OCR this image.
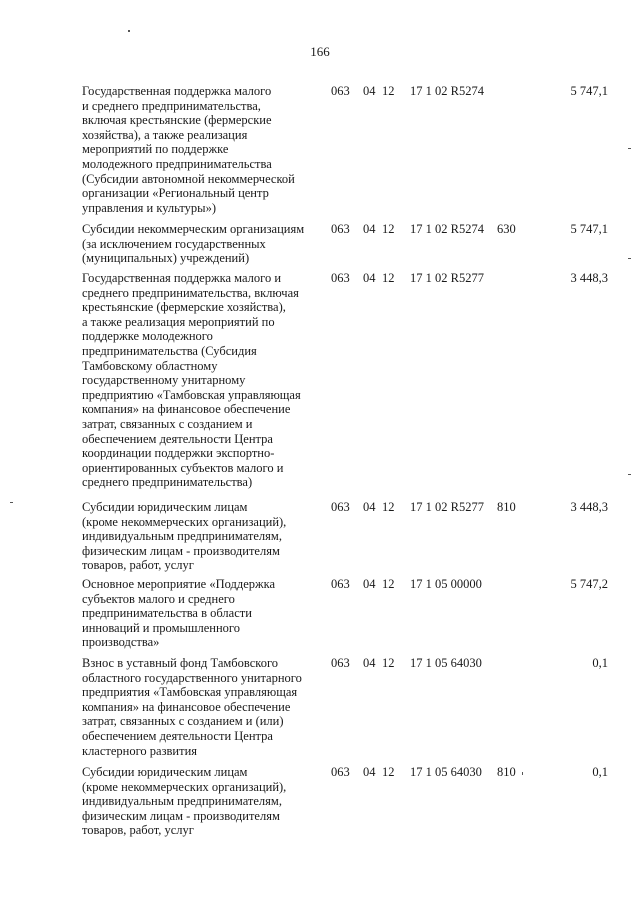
166
Государственная поддержка малого
и среднего предпринимательства,
включая крестьянские (фермерские
хозяйства), а также реализация
мероприятий по поддержке
молодежного предпринимательства
(Субсидии автономной некоммерческой
организации «Региональный центр
управления и культуры»)
063 04 12 17 1 02 R5274	5 747,1
Субсидии некоммерческим организациям
(за исключением государственных
(муниципальных) учреждений)
063 04 12 17 1 02 R5274 630	5 747,1
Государственная поддержка малого и
среднего предпринимательства, включая
крестьянские (фермерские хозяйства),
а также реализация мероприятий по
поддержке молодежного
предпринимательства (Субсидия
Тамбовскому областному
государственному унитарному
предприятию «Тамбовская управляющая
компания» на финансовое обеспечение
затрат, связанных с созданием и
обеспечением деятельности Центра
координации поддержки экспортно-
ориентированных субъектов малого и
среднего предпринимательства)
063 04 12 17 1 02 R5277	3 448,3
Субсидии юридическим лицам
(кроме некоммерческих организаций),
индивидуальным предпринимателям,
физическим лицам - производителям
товаров, работ, услуг
063 04 12 17 1 02 R5277 810	3 448,3
Основное мероприятие «Поддержка
субъектов малого и среднего
предпринимательства в области
инноваций и промышленного
производства»
063 04 12 17 1 05 00000	5 747,2
Взнос в уставный фонд Тамбовского
областного государственного унитарного
предприятия «Тамбовская управляющая
компания» на финансовое обеспечение
затрат, связанных с созданием и (или)
обеспечением деятельности Центра
кластерного развития
063 04 12 17 1 05 64030	0,1
Субсидии юридическим лицам
(кроме некоммерческих организаций),
индивидуальным предпринимателям,
физическим лицам - производителям
товаров, работ, услуг
063 04 12 17 1 05 64030 810	0,1
